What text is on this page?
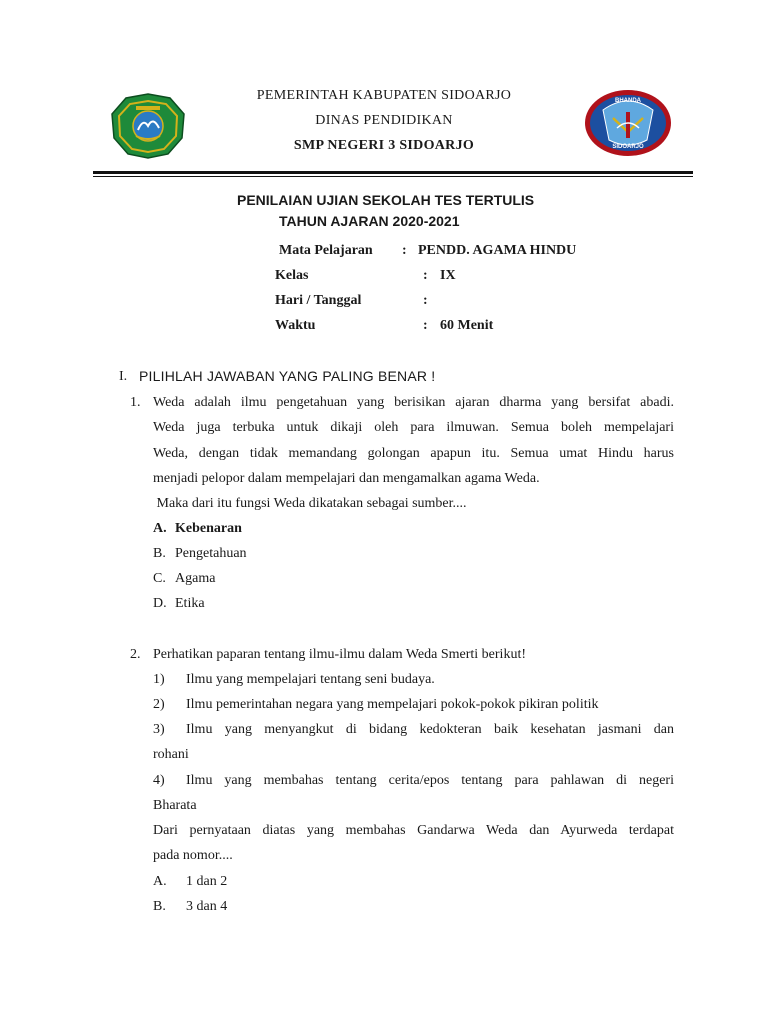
BHANDA
SIDOARJO
PEMERINTAH KABUPATEN SIDOARJO
DINAS PENDIDIKAN
SMP NEGERI 3 SIDOARJO
PENILAIAN UJIAN SEKOLAH TES TERTULIS
TAHUN AJARAN 2020-2021
Mata Pelajaran : PENDD. AGAMA HINDU
Kelas	: IX
Hari / Tanggal	:
Waktu	: 60 Menit
I. PILIHLAH JAWABAN YANG PALING BENAR !
1. Weda adalah ilmu pengetahuan yang berisikan ajaran dharma yang bersifat abadi.
Weda juga terbuka untuk dikaji oleh para ilmuwan. Semua boleh mempelajari
Weda, dengan tidak memandang golongan apapun itu. Semua umat Hindu harus
menjadi pelopor dalam mempelajari dan mengamalkan agama Weda.
Maka dari itu fungsi Weda dikatakan sebagai sumber....
A. Kebenaran
B. Pengetahuan
C. Agama
D. Etika
2. Perhatikan paparan tentang ilmu-ilmu dalam Weda Smerti berikut!
1) Ilmu yang mempelajari tentang seni budaya.
2) Ilmu pemerintahan negara yang mempelajari pokok-pokok pikiran politik
3)	Ilmu yang menyangkut di bidang kedokteran baik kesehatan jasmani dan
rohani
4)	Ilmu yang membahas tentang cerita/epos tentang para pahlawan di negeri
Bharata
Dari pernyataan diatas yang membahas Gandarwa Weda dan Ayurweda terdapat
pada nomor....
A. 1 dan 2
B. 3 dan 4
